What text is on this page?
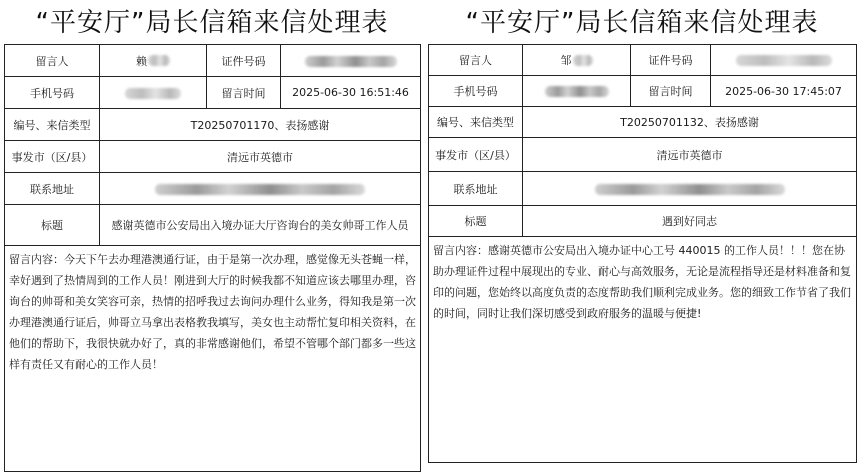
“平安厅”局长信箱来信处理表
留言人	赖	证件号码	
手机号码		留言时间	2025-06-30 16:51:46
编号、来信类型	T20250701170、表扬感谢		
事发市（区/县）	清远市英德市		
联系地址			
标题	感谢英德市公安局出入境办证大厅咨询台的美女帅哥工作人员		
留言内容：今天下午去办理港澳通行证，由于是第一次办理，感觉像无头苍蝇一样，幸好遇到了热情周到的工作人员！刚进到大厅的时候我都不知道应该去哪里办理，咨询台的帅哥和美女笑容可亲，热情的招呼我过去询问办理什么业务，得知我是第一次办理港澳通行证后，帅哥立马拿出表格教我填写，美女也主动帮忙复印相关资料，在他们的帮助下，我很快就办好了，真的非常感谢他们，希望不管哪个部门都多一些这样有责任又有耐心的工作人员！			
“平安厅”局长信箱来信处理表
留言人	邹	证件号码	
手机号码		留言时间	2025-06-30 17:45:07
编号、来信类型	T20250701132、表扬感谢		
事发市（区/县）	清远市英德市		
联系地址			
标题	遇到好同志		
留言内容：感谢英德市公安局出入境办证中心工号 440015 的工作人员！！！您在协助办理证件过程中展现出的专业、耐心与高效服务，无论是流程指导还是材料准备和复印的问题，您始终以高度负责的态度帮助我们顺利完成业务。您的细致工作节省了我们的时间，同时让我们深切感受到政府服务的温暖与便捷!			
